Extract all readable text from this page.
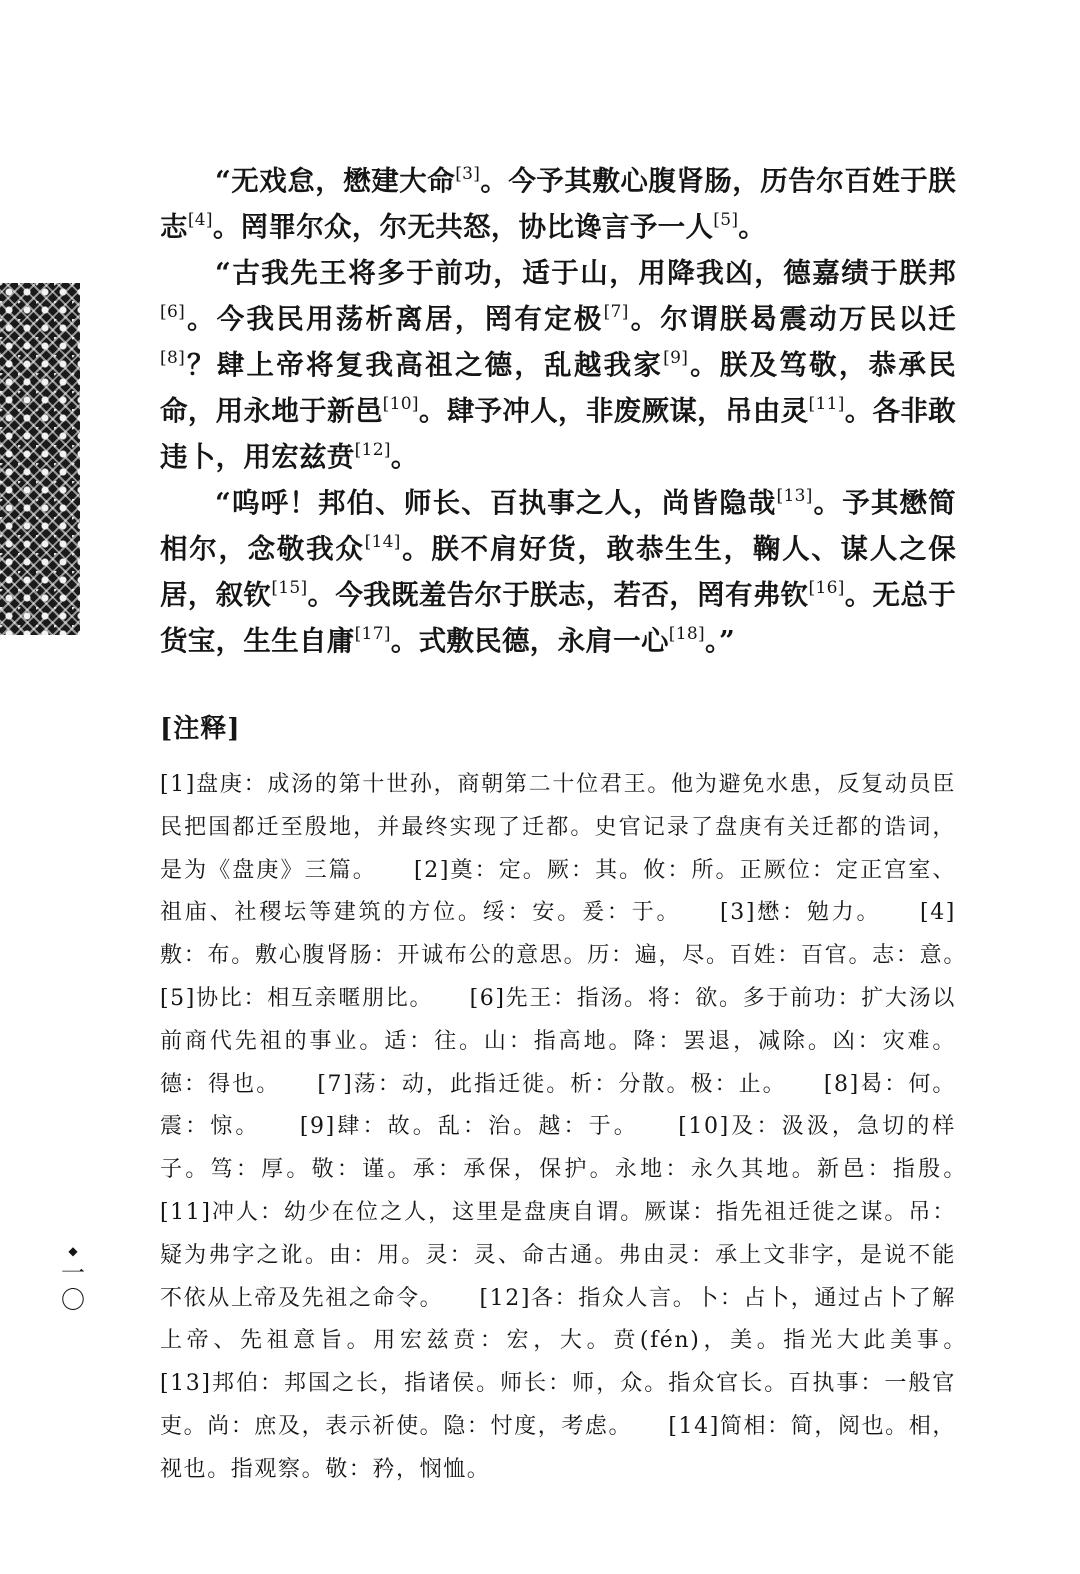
“无戏怠，懋建大命[3]。今予其敷心腹肾肠，历告尔百姓于朕志[4]。罔罪尔众，尔无共怒，协比谗言予一人[5]。

“古我先王将多于前功，适于山，用降我凶，德嘉绩于朕邦[6]。今我民用荡析离居，罔有定极[7]。尔谓朕曷震动万民以迁[8]？肆上帝将复我高祖之德，乱越我家[9]。朕及笃敬，恭承民命，用永地于新邑[10]。肆予冲人，非废厥谋，吊由灵[11]。各非敢违卜，用宏兹贲[12]。

“呜呼！邦伯、师长、百执事之人，尚皆隐哉[13]。予其懋简相尔，念敬我众[14]。朕不肩好货，敢恭生生，鞠人、谋人之保居，叙钦[15]。今我既羞告尔于朕志，若否，罔有弗钦[16]。无总于货宝，生生自庸[17]。式敷民德，永肩一心[18]。”

[注释]

[1]盘庚：成汤的第十世孙，商朝第二十位君王。他为避免水患，反复动员臣民把国都迁至殷地，并最终实现了迁都。史官记录了盘庚有关迁都的诰词，是为《盘庚》三篇。　　[2]奠：定。厥：其。攸：所。正厥位：定正宫室、祖庙、社稷坛等建筑的方位。绥：安。爰：于。　　[3]懋：勉力。　　[4]敷：布。敷心腹肾肠：开诚布公的意思。历：遍，尽。百姓：百官。志：意。　　[5]协比：相互亲暱朋比。　　[6]先王：指汤。将：欲。多于前功：扩大汤以前商代先祖的事业。适：往。山：指高地。降：罢退，减除。凶：灾难。德：得也。　　[7]荡：动，此指迁徙。析：分散。极：止。　　[8]曷：何。震：惊。　　[9]肆：故。乱：治。越：于。　　[10]及：汲汲，急切的样子。笃：厚。敬：谨。承：承保，保护。永地：永久其地。新邑：指殷。　　[11]冲人：幼少在位之人，这里是盘庚自谓。厥谋：指先祖迁徙之谋。吊：疑为弗字之讹。由：用。灵：灵、命古通。弗由灵：承上文非字，是说不能不依从上帝及先祖之命令。　　[12]各：指众人言。卜：占卜，通过占卜了解上帝、先祖意旨。用宏兹贲：宏，大。贲(fén)，美。指光大此美事。　　[13]邦伯：邦国之长，指诸侯。师长：师，众。指众官长。百执事：一般官吏。尚：庶及，表示祈使。隐：忖度，考虑。　　[14]简相：简，阅也。相，视也。指观察。敬：矜，悯恤。

◆
一
〇
